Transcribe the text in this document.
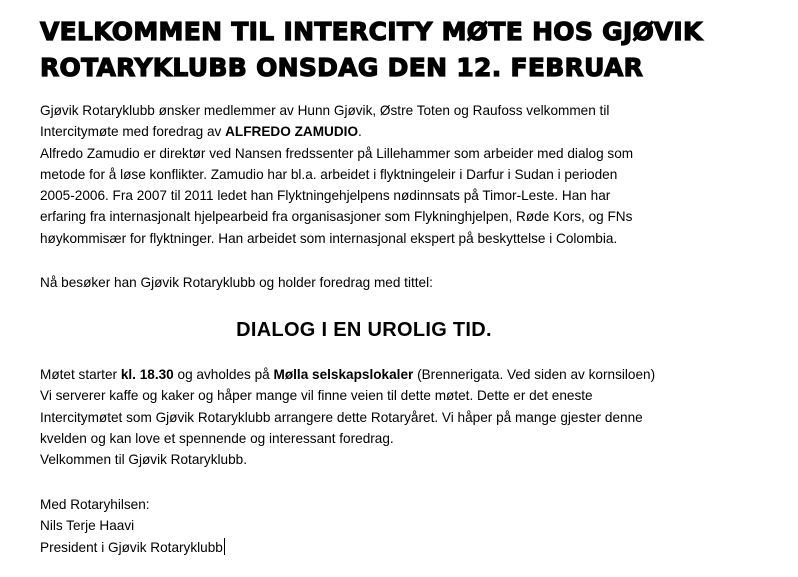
VELKOMMEN TIL INTERCITY MØTE HOS GJØVIK
ROTARYKLUBB ONSDAG DEN 12. FEBRUAR
Gjøvik Rotaryklubb ønsker medlemmer av Hunn Gjøvik, Østre Toten og Raufoss velkommen til
Intercitymøte med foredrag av ALFREDO ZAMUDIO.
Alfredo Zamudio er direktør ved Nansen fredssenter på Lillehammer som arbeider med dialog som
metode for å løse konflikter. Zamudio har bl.a. arbeidet i flyktningeleir i Darfur i Sudan i perioden
2005-2006. Fra 2007 til 2011 ledet han Flyktningehjelpens nødinnsats på Timor-Leste. Han har
erfaring fra internasjonalt hjelpearbeid fra organisasjoner som Flykninghjelpen, Røde Kors, og FNs
høykommisær for flyktninger. Han arbeidet som internasjonal ekspert på beskyttelse i Colombia.
Nå besøker han Gjøvik Rotaryklubb og holder foredrag med tittel:
DIALOG I EN UROLIG TID.
Møtet starter kl. 18.30 og avholdes på Mølla selskapslokaler (Brennerigata. Ved siden av kornsiloen)
Vi serverer kaffe og kaker og håper mange vil finne veien til dette møtet. Dette er det eneste
Intercitymøtet som Gjøvik Rotaryklubb arrangere dette Rotaryåret. Vi håper på mange gjester denne
kvelden og kan love et spennende og interessant foredrag.
Velkommen til Gjøvik Rotaryklubb.
Med Rotaryhilsen:
Nils Terje Haavi
President i Gjøvik Rotaryklubb
